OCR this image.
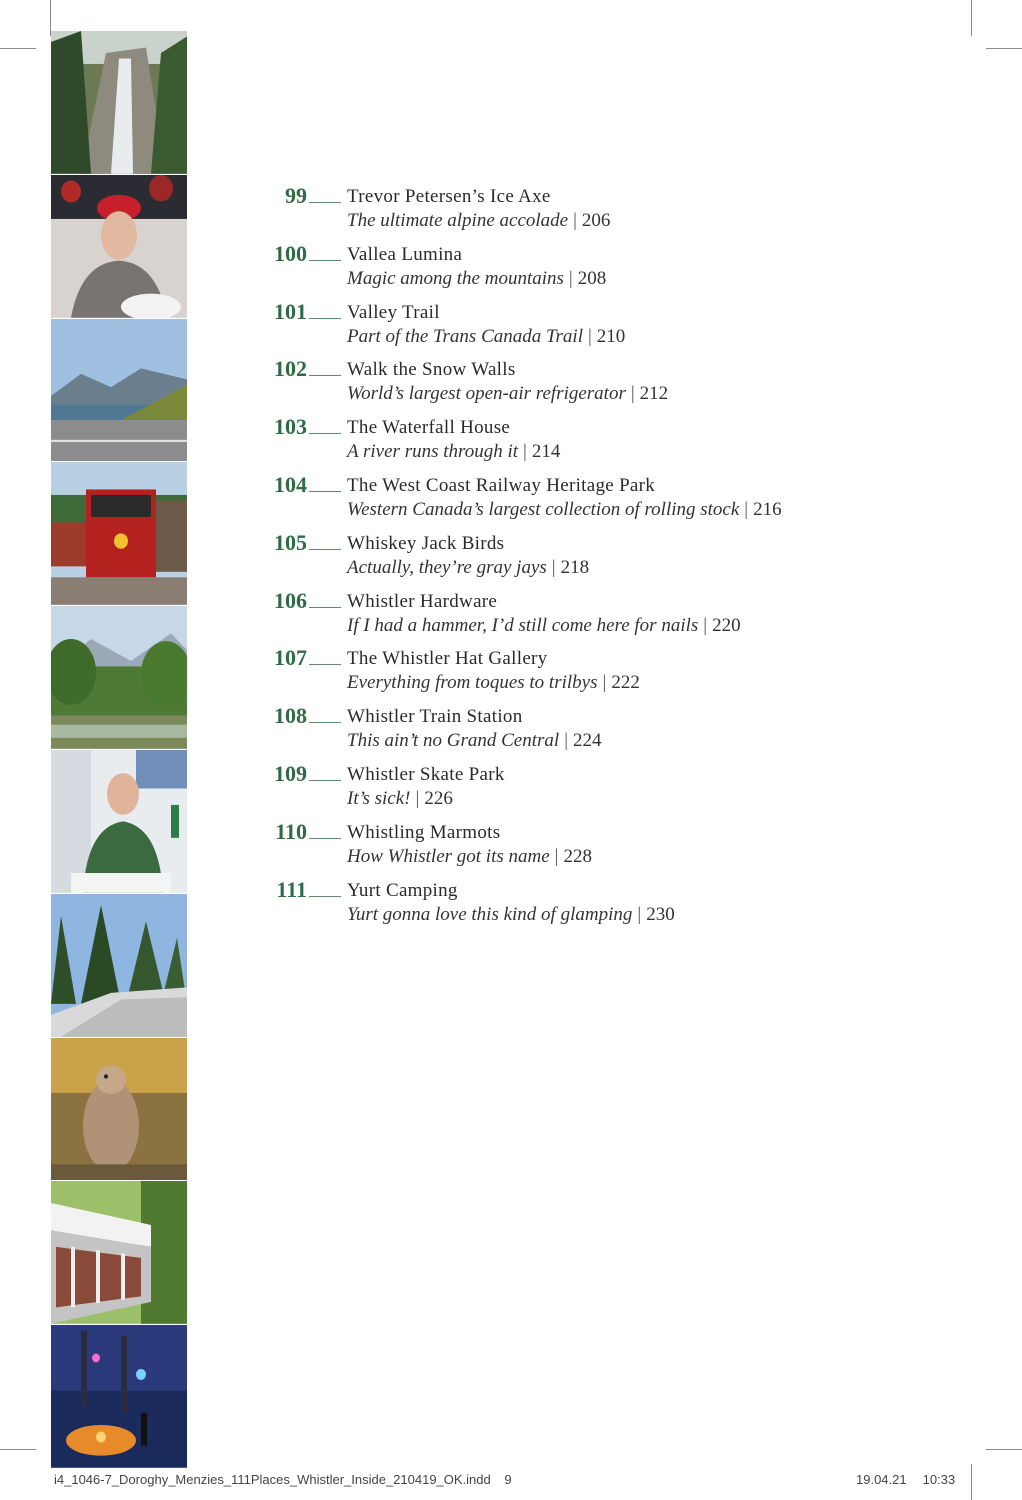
99 Trevor Petersen’s Ice Axe
The ultimate alpine accolade | 206
100 Vallea Lumina
Magic among the mountains | 208
101 Valley Trail
Part of the Trans Canada Trail | 210
102 Walk the Snow Walls
World’s largest open-air refrigerator | 212
103 The Waterfall House
A river runs through it | 214
104 The West Coast Railway Heritage Park
Western Canada’s largest collection of rolling stock | 216
105 Whiskey Jack Birds
Actually, they’re gray jays | 218
106 Whistler Hardware
If I had a hammer, I’d still come here for nails | 220
107 The Whistler Hat Gallery
Everything from toques to trilbys | 222
108 Whistler Train Station
This ain’t no Grand Central | 224
109 Whistler Skate Park
It’s sick! | 226
110 Whistling Marmots
How Whistler got its name | 228
111 Yurt Camping
Yurt gonna love this kind of glamping | 230
i4_1046-7_Doroghy_Menzies_111Places_Whistler_Inside_210419_OK.indd 9	19.04.21 10:33
